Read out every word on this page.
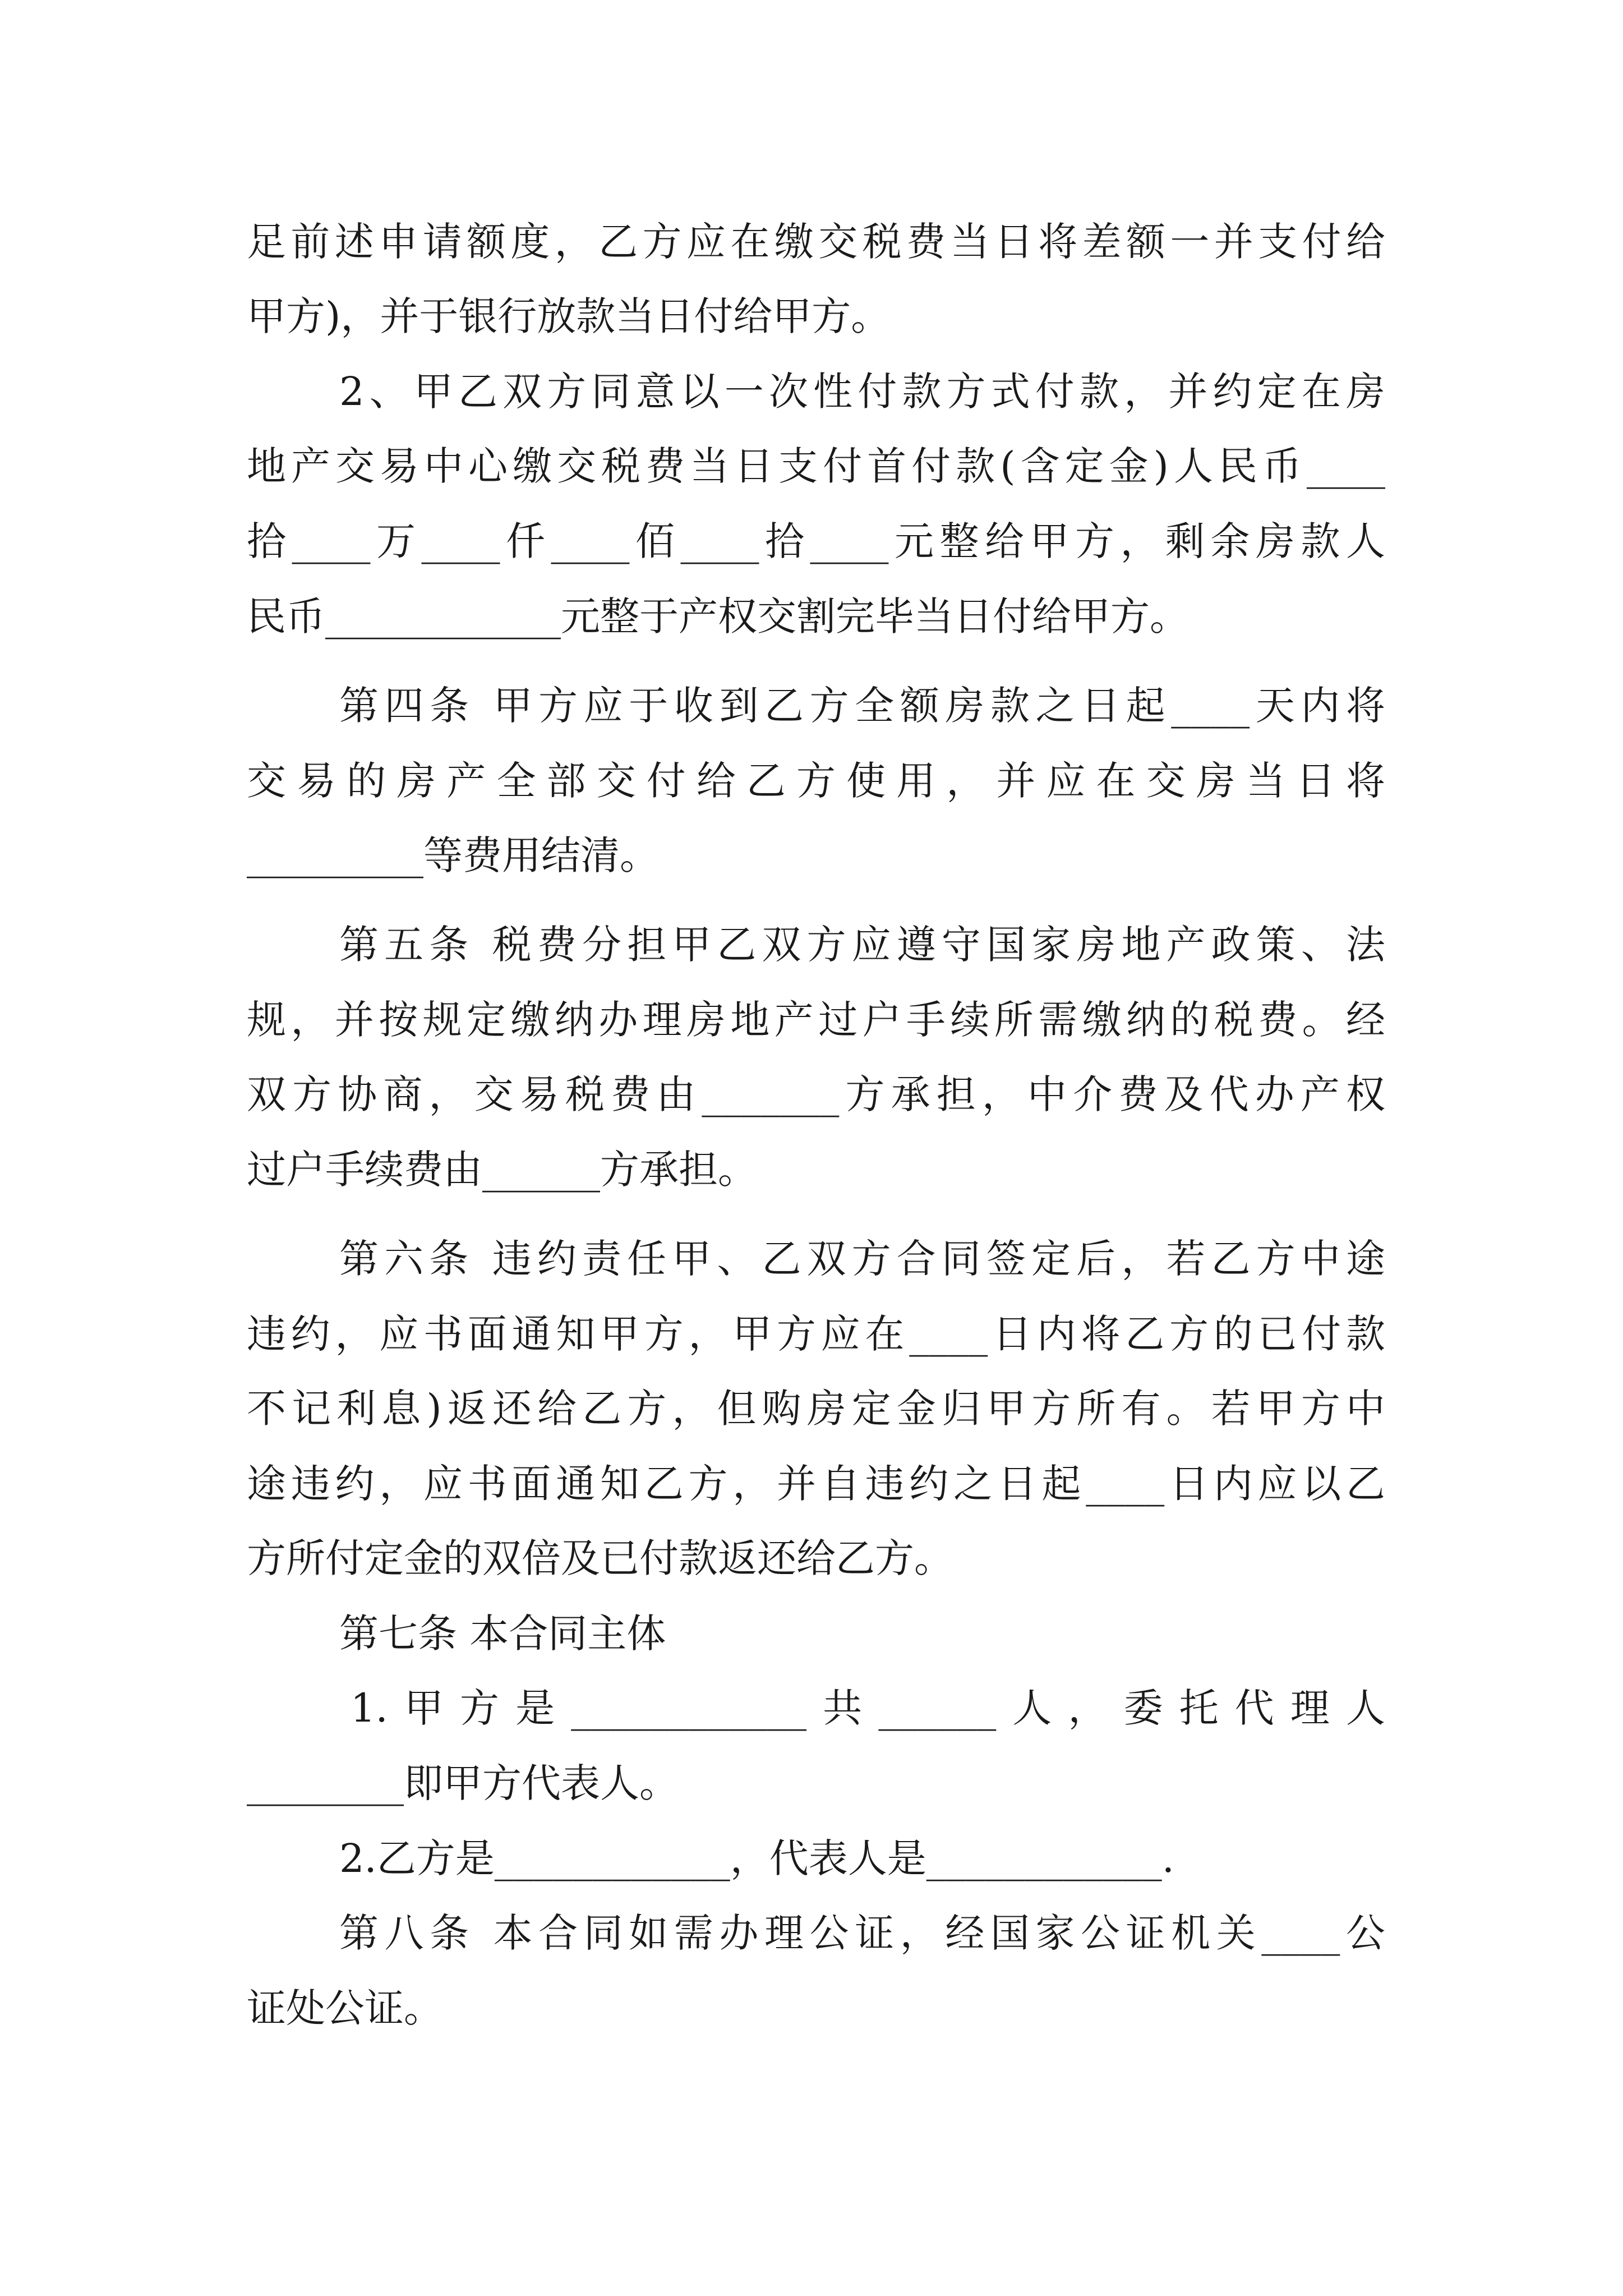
足前述申请额度，乙方应在缴交税费当日将差额一并支付给

甲方)，并于银行放款当日付给甲方。

2、甲乙双方同意以一次性付款方式付款，并约定在房

地产交易中心缴交税费当日支付首付款(含定金)人民币____

拾____万____仟____佰____拾____元整给甲方，剩余房款人

民币____________元整于产权交割完毕当日付给甲方。

第四条 甲方应于收到乙方全额房款之日起____天内将

交易的房产全部交付给乙方使用，并应在交房当日将

_________等费用结清。

第五条 税费分担甲乙双方应遵守国家房地产政策、法

规，并按规定缴纳办理房地产过户手续所需缴纳的税费。经

双方协商，交易税费由_______方承担，中介费及代办产权

过户手续费由______方承担。

第六条 违约责任甲、乙双方合同签定后，若乙方中途

违约，应书面通知甲方，甲方应在____日内将乙方的已付款

不记利息)返还给乙方，但购房定金归甲方所有。若甲方中

途违约，应书面通知乙方，并自违约之日起____日内应以乙

方所付定金的双倍及已付款返还给乙方。

第七条 本合同主体

1.甲方是____________共______人，委托代理人

________即甲方代表人。

2.乙方是____________，代表人是____________.

第八条 本合同如需办理公证，经国家公证机关____公

证处公证。
